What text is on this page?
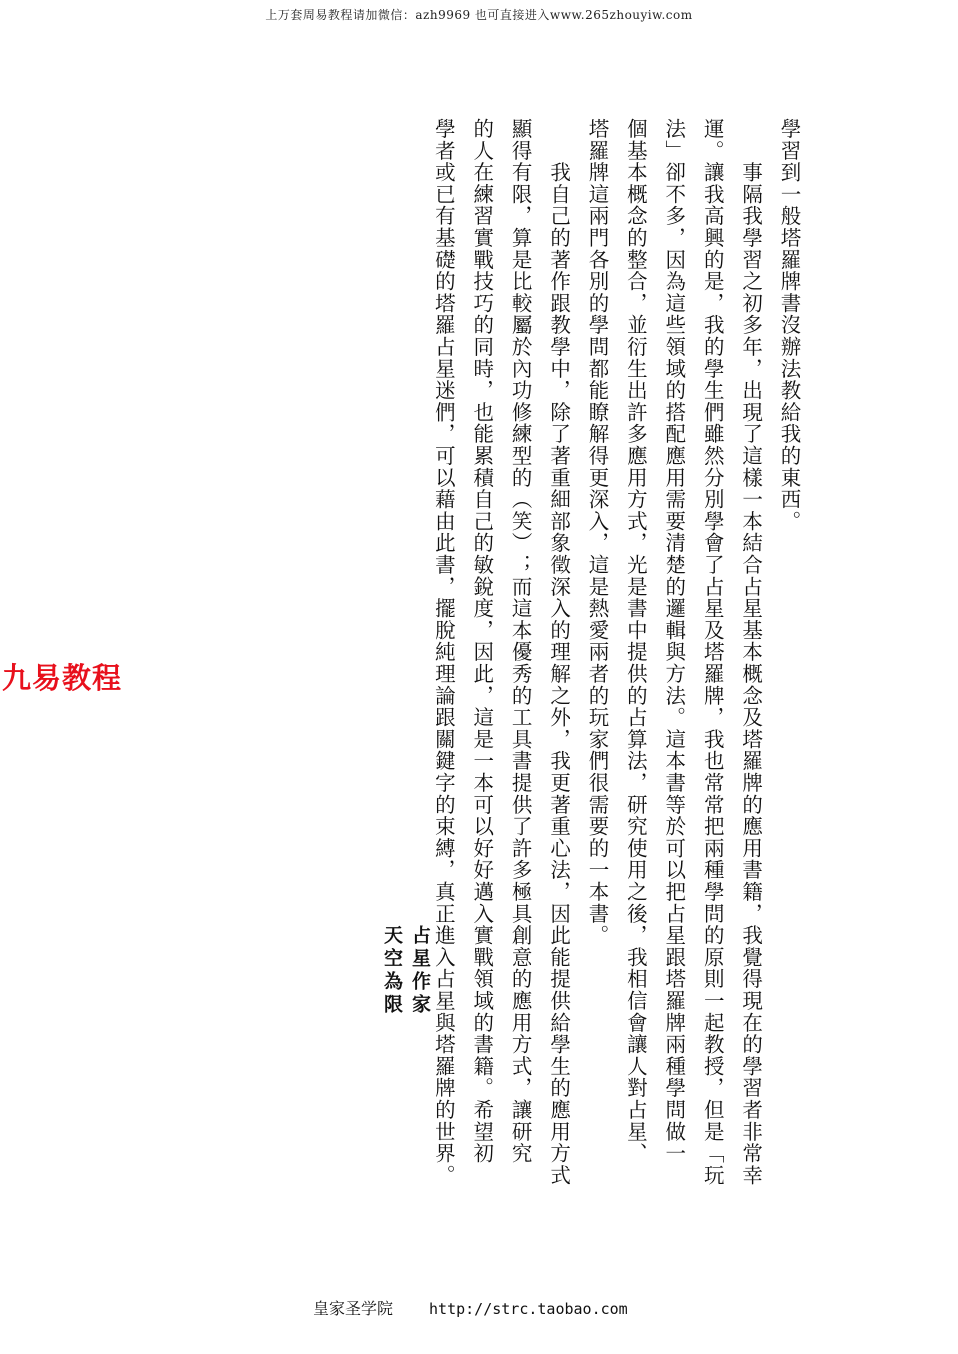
上万套周易教程请加微信：azh9969 也可直接进入www.265zhouyiw.com
九易教程

學習到一般塔羅牌書沒辦法教給我的東西。

　　事隔我學習之初多年，出現了這樣一本結合占星基本概念及塔羅牌的應用書籍，我覺得現在的學習者非常幸

運。讓我高興的是，我的學生們雖然分別學會了占星及塔羅牌，我也常常把兩種學問的原則一起教授，但是「玩

法」卻不多，因為這些領域的搭配應用需要清楚的邏輯與方法。這本書等於可以把占星跟塔羅牌兩種學問做一

個基本概念的整合，並衍生出許多應用方式，光是書中提供的占算法，研究使用之後，我相信會讓人對占星、

塔羅牌這兩門各別的學問都能瞭解得更深入，這是熱愛兩者的玩家們很需要的一本書。

　　我自己的著作跟教學中，除了著重細部象徵深入的理解之外，我更著重心法，因此能提供給學生的應用方式

顯得有限，算是比較屬於內功修練型的（笑）；而這本優秀的工具書提供了許多極具創意的應用方式，讓研究

的人在練習實戰技巧的同時，也能累積自己的敏銳度，因此，這是一本可以好好邁入實戰領域的書籍。希望初

學者或已有基礎的塔羅占星迷們，可以藉由此書，擺脫純理論跟關鍵字的束縛，真正進入占星與塔羅牌的世界。

占星作家
天空為限
皇家圣学院 http://strc.taobao.com
